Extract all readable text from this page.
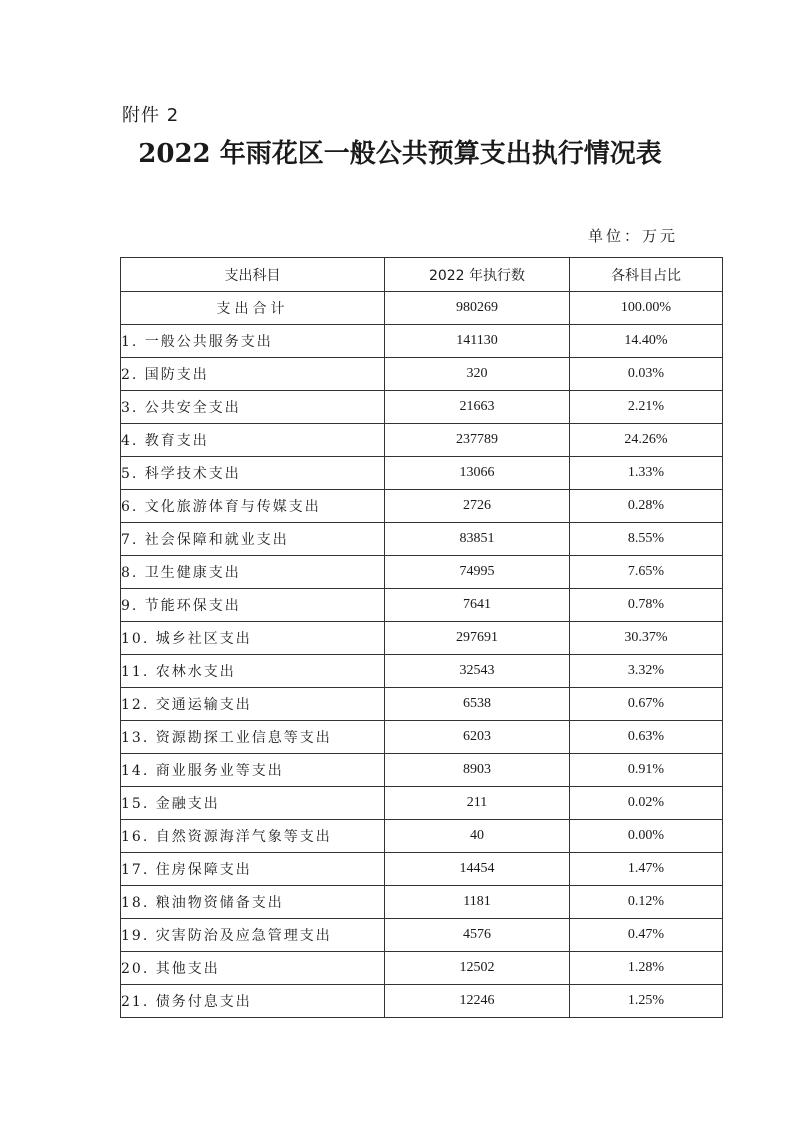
附件 2
2022 年雨花区一般公共预算支出执行情况表
单位：万元
支出科目	2022 年执行数	各科目占比
支出合计	980269	100.00%
1. 一般公共服务支出	141130	14.40%
2. 国防支出	320	0.03%
3. 公共安全支出	21663	2.21%
4. 教育支出	237789	24.26%
5. 科学技术支出	13066	1.33%
6. 文化旅游体育与传媒支出	2726	0.28%
7. 社会保障和就业支出	83851	8.55%
8. 卫生健康支出	74995	7.65%
9. 节能环保支出	7641	0.78%
10. 城乡社区支出	297691	30.37%
11. 农林水支出	32543	3.32%
12. 交通运输支出	6538	0.67%
13. 资源勘探工业信息等支出	6203	0.63%
14. 商业服务业等支出	8903	0.91%
15. 金融支出	211	0.02%
16. 自然资源海洋气象等支出	40	0.00%
17. 住房保障支出	14454	1.47%
18. 粮油物资储备支出	1181	0.12%
19. 灾害防治及应急管理支出	4576	0.47%
20. 其他支出	12502	1.28%
21. 债务付息支出	12246	1.25%
